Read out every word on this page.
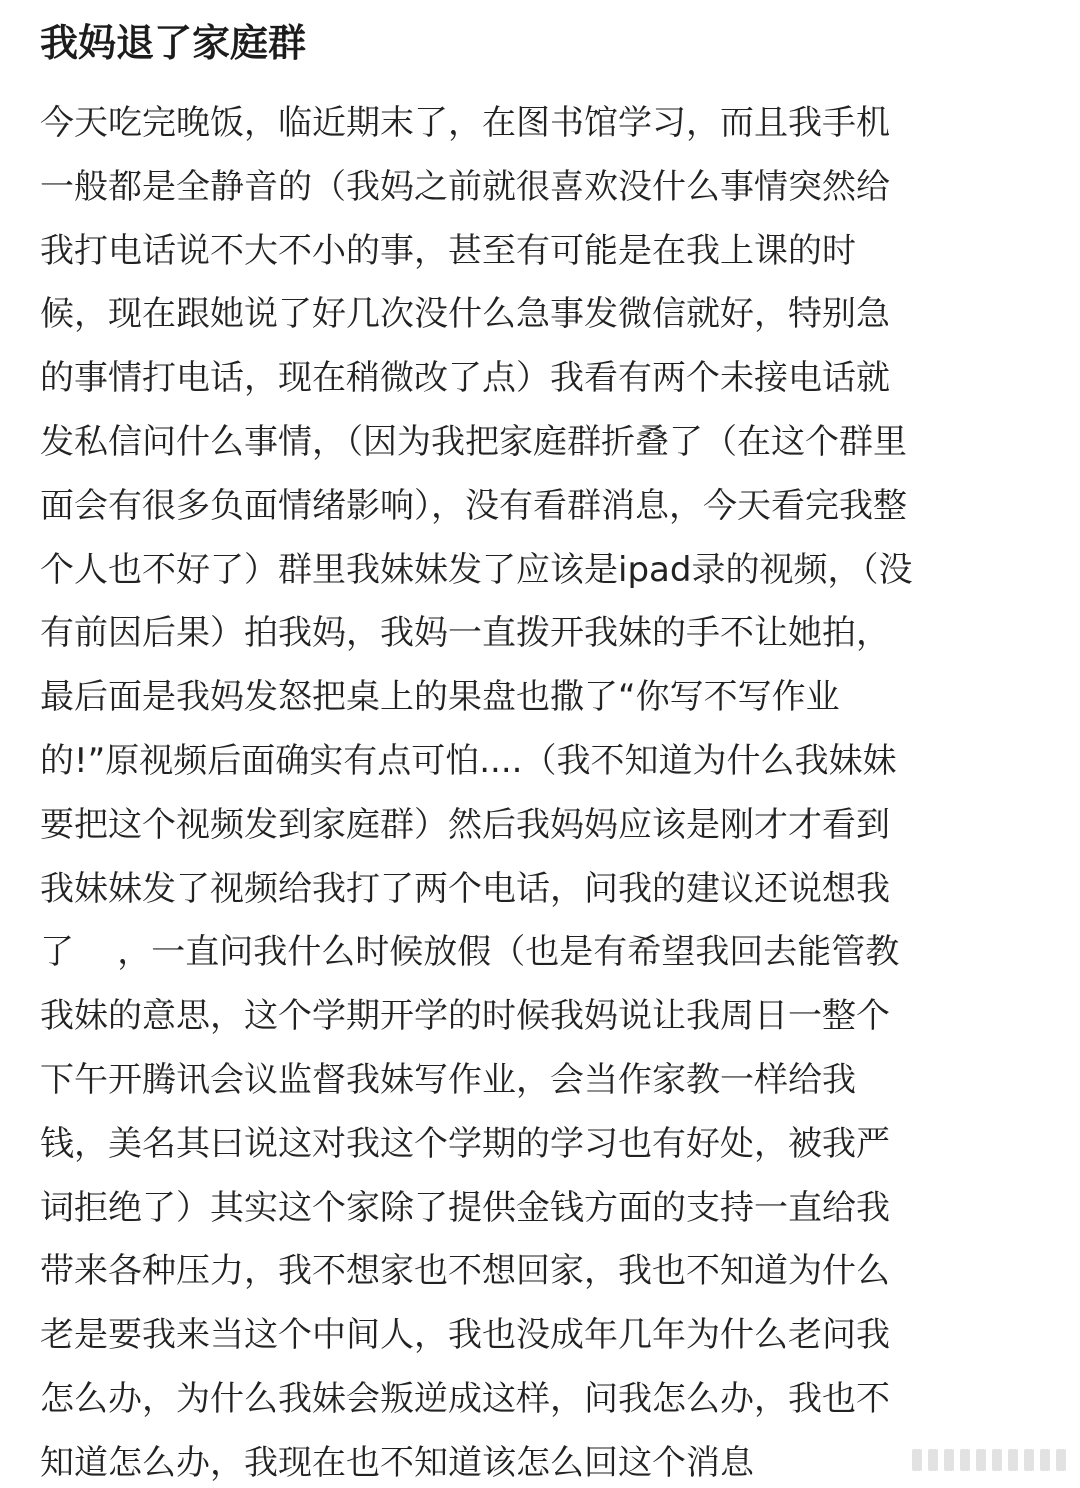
我妈退了家庭群
今天吃完晚饭，临近期末了，在图书馆学习，而且我手机
一般都是全静音的（我妈之前就很喜欢没什么事情突然给
我打电话说不大不小的事，甚至有可能是在我上课的时
候，现在跟她说了好几次没什么急事发微信就好，特别急
的事情打电话，现在稍微改了点）我看有两个未接电话就
发私信问什么事情，（因为我把家庭群折叠了（在这个群里
面会有很多负面情绪影响），没有看群消息，今天看完我整
个人也不好了）群里我妹妹发了应该是ipad录的视频，（没
有前因后果）拍我妈，我妈一直拨开我妹的手不让她拍，
最后面是我妈发怒把桌上的果盘也撒了“你写不写作业
的!”原视频后面确实有点可怕....（我不知道为什么我妹妹
要把这个视频发到家庭群）然后我妈妈应该是刚才才看到
我妹妹发了视频给我打了两个电话，问我的建议还说想我
了    ，一直问我什么时候放假（也是有希望我回去能管教
我妹的意思，这个学期开学的时候我妈说让我周日一整个
下午开腾讯会议监督我妹写作业，会当作家教一样给我
钱，美名其曰说这对我这个学期的学习也有好处，被我严
词拒绝了）其实这个家除了提供金钱方面的支持一直给我
带来各种压力，我不想家也不想回家，我也不知道为什么
老是要我来当这个中间人，我也没成年几年为什么老问我
怎么办，为什么我妹会叛逆成这样，问我怎么办，我也不
知道怎么办，我现在也不知道该怎么回这个消息
